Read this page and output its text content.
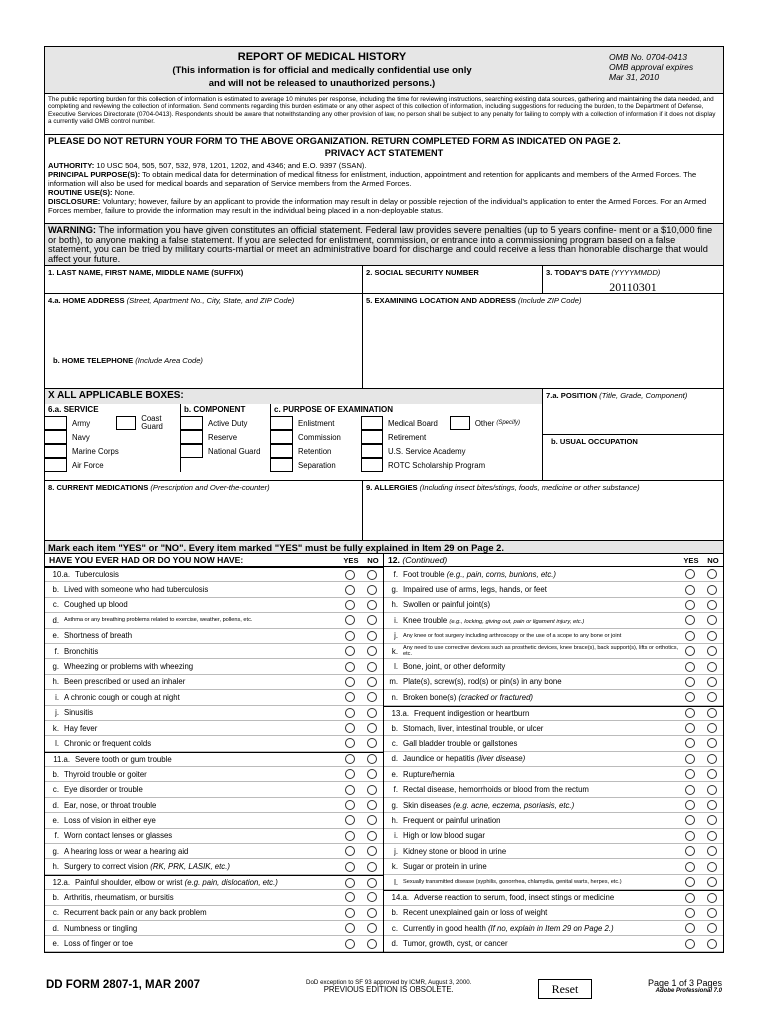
REPORT OF MEDICAL HISTORY
(This information is for official and medically confidential use only
and will not be released to unauthorized persons.)
OMB No. 0704-0413
OMB approval expires
Mar 31, 2010
The public reporting burden for this collection of information is estimated to average 10 minutes per response, including the time for reviewing instructions, searching existing data sources, gathering and maintaining the data needed, and completing and reviewing the collection of information. Send comments regarding this burden estimate or any other aspect of this collection of information, including suggestions for reducing the burden, to the Department of Defense, Executive Services Directorate (0704-0413). Respondents should be aware that notwithstanding any other provision of law, no person shall be subject to any penalty for failing to comply with a collection of information if it does not display a currently valid OMB control number.
PLEASE DO NOT RETURN YOUR FORM TO THE ABOVE ORGANIZATION. RETURN COMPLETED FORM AS INDICATED ON PAGE 2.
PRIVACY ACT STATEMENT
AUTHORITY: 10 USC 504, 505, 507, 532, 978, 1201, 1202, and 4346; and E.O. 9397 (SSAN).
PRINCIPAL PURPOSE(S): To obtain medical data for determination of medical fitness for enlistment, induction, appointment and retention for applicants and members of the Armed Forces. The information will also be used for medical boards and separation of Service members from the Armed Forces.
ROUTINE USE(S): None.
DISCLOSURE: Voluntary; however, failure by an applicant to provide the information may result in delay or possible rejection of the individual's application to enter the Armed Forces. For an Armed Forces member, failure to provide the information may result in the individual being placed in a non-deployable status.
WARNING: The information you have given constitutes an official statement. Federal law provides severe penalties (up to 5 years confine- ment or a $10,000 fine or both), to anyone making a false statement. If you are selected for enlistment, commission, or entrance into a commissioning program based on a false statement, you can be tried by military courts-martial or meet an administrative board for discharge and could receive a less than honorable discharge that would affect your future.
1. LAST NAME, FIRST NAME, MIDDLE NAME (SUFFIX)	2. SOCIAL SECURITY NUMBER	3. TODAY'S DATE (YYYYMMDD)
20110301
4.a. HOME ADDRESS (Street, Apartment No., City, State, and ZIP Code)
b. HOME TELEPHONE (Include Area Code)
5. EXAMINING LOCATION AND ADDRESS (Include ZIP Code)
X ALL APPLICABLE BOXES:
6.a. SERVICE
Army	Coast Guard
Navy
Marine Corps
Air Force
b. COMPONENT
Active Duty
Reserve
National Guard
c. PURPOSE OF EXAMINATION
Enlistment
Commission
Retention
Separation
Medical Board	Other (Specify)
Retirement
U.S. Service Academy
ROTC Scholarship Program
7.a. POSITION (Title, Grade, Component)
b. USUAL OCCUPATION
8. CURRENT MEDICATIONS (Prescription and Over-the-counter)	9. ALLERGIES (Including insect bites/stings, foods, medicine or other substance)
Mark each item "YES" or "NO". Every item marked "YES" must be fully explained in Item 29 on Page 2.
HAVE YOU EVER HAD OR DO YOU NOW HAVE:	YES NO
10.a. Tuberculosis
b. Lived with someone who had tuberculosis
c. Coughed up blood
d. Asthma or any breathing problems related to exercise, weather, pollens, etc.
e. Shortness of breath
f. Bronchitis
g. Wheezing or problems with wheezing
h. Been prescribed or used an inhaler
i. A chronic cough or cough at night
j. Sinusitis
k. Hay fever
l. Chronic or frequent colds
11.a. Severe tooth or gum trouble
b. Thyroid trouble or goiter
c. Eye disorder or trouble
d. Ear, nose, or throat trouble
e. Loss of vision in either eye
f. Worn contact lenses or glasses
g. A hearing loss or wear a hearing aid
h. Surgery to correct vision (RK, PRK, LASIK, etc.)
12.a. Painful shoulder, elbow or wrist (e.g. pain, dislocation, etc.)
b. Arthritis, rheumatism, or bursitis
c. Recurrent back pain or any back problem
d. Numbness or tingling
e. Loss of finger or toe
12. (Continued)	YES NO
f. Foot trouble (e.g., pain, corns, bunions, etc.)
g. Impaired use of arms, legs, hands, or feet
h. Swollen or painful joint(s)
i. Knee trouble (e.g., locking, giving out, pain or ligament injury, etc.)
j. Any knee or foot surgery including arthroscopy or the use of a scope to any bone or joint
k. Any need to use corrective devices such as prosthetic devices, knee brace(s), back support(s), lifts or orthotics, etc.
l. Bone, joint, or other deformity
m. Plate(s), screw(s), rod(s) or pin(s) in any bone
n. Broken bone(s) (cracked or fractured)
13.a. Frequent indigestion or heartburn
b. Stomach, liver, intestinal trouble, or ulcer
c. Gall bladder trouble or gallstones
d. Jaundice or hepatitis (liver disease)
e. Rupture/hernia
f. Rectal disease, hemorrhoids or blood from the rectum
g. Skin diseases (e.g. acne, eczema, psoriasis, etc.)
h. Frequent or painful urination
i. High or low blood sugar
j. Kidney stone or blood in urine
k. Sugar or protein in urine
l. Sexually transmitted disease (syphilis, gonorrhea, chlamydia, genital warts, herpes, etc.)
14.a. Adverse reaction to serum, food, insect stings or medicine
b. Recent unexplained gain or loss of weight
c. Currently in good health (If no, explain in Item 29 on Page 2.)
d. Tumor, growth, cyst, or cancer
DD FORM 2807-1, MAR 2007	DoD exception to SF 93 approved by ICMR, August 3, 2000.
PREVIOUS EDITION IS OBSOLETE.	Reset	Page 1 of 3 Pages
Adobe Professional 7.0
